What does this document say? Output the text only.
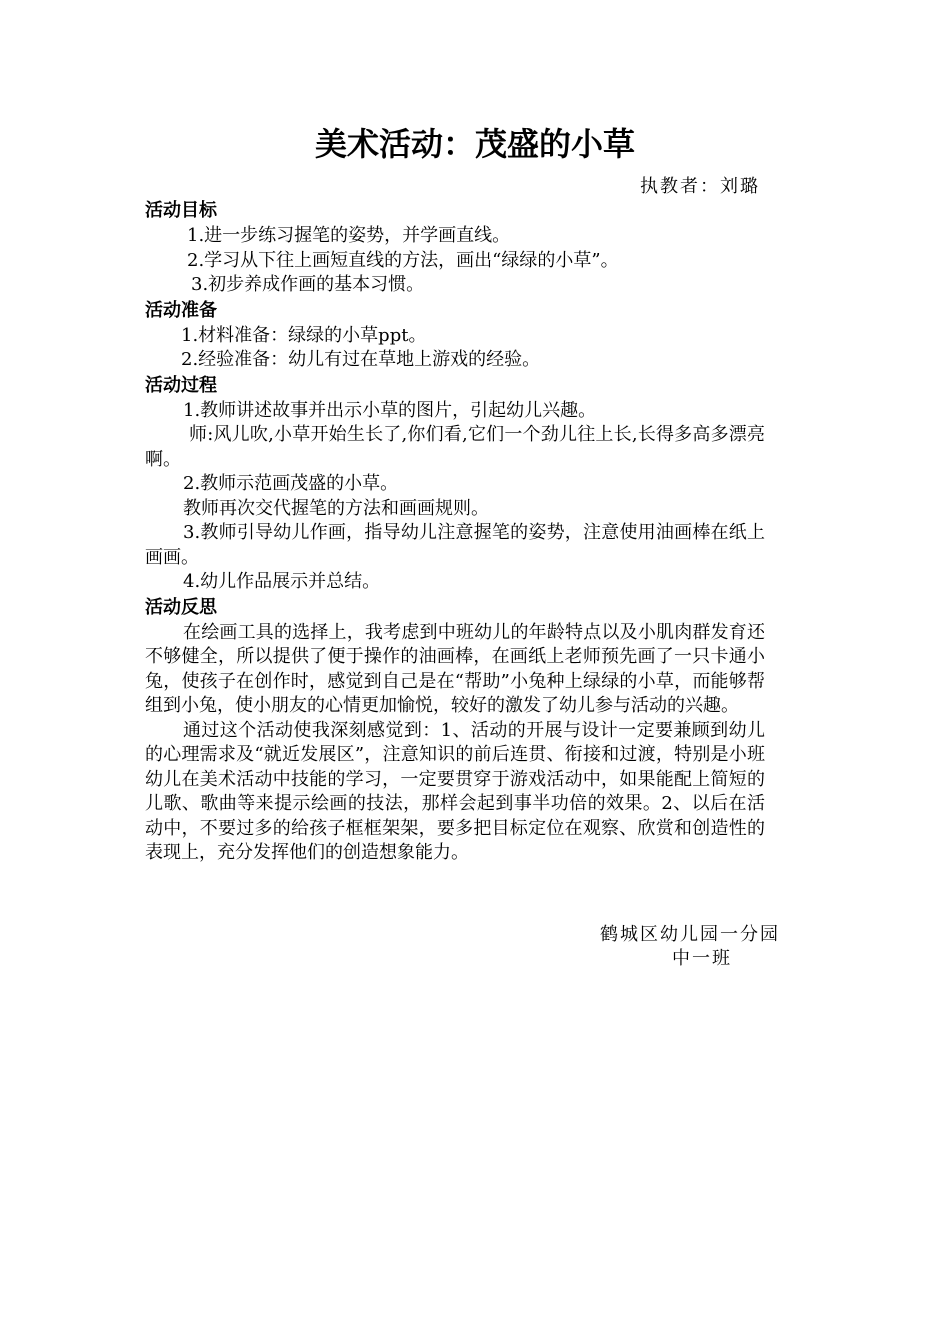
美术活动：茂盛的小草
执教者：刘璐
活动目标

1.进一步练习握笔的姿势，并学画直线。

2.学习从下往上画短直线的方法，画出“绿绿的小草”。

3.初步养成作画的基本习惯。

活动准备

1.材料准备：绿绿的小草ppt。

2.经验准备：幼儿有过在草地上游戏的经验。

活动过程

1.教师讲述故事并出示小草的图片，引起幼儿兴趣。

师:风儿吹,小草开始生长了,你们看,它们一个劲儿往上长,长得多高多漂亮啊。

2.教师示范画茂盛的小草。

教师再次交代握笔的方法和画画规则。

3.教师引导幼儿作画，指导幼儿注意握笔的姿势，注意使用油画棒在纸上画画。

4.幼儿作品展示并总结。

活动反思

在绘画工具的选择上，我考虑到中班幼儿的年龄特点以及小肌肉群发育还不够健全，所以提供了便于操作的油画棒，在画纸上老师预先画了一只卡通小兔，使孩子在创作时，感觉到自己是在“帮助”小兔种上绿绿的小草，而能够帮组到小兔，使小朋友的心情更加愉悦，较好的激发了幼儿参与活动的兴趣。

通过这个活动使我深刻感觉到：1、活动的开展与设计一定要兼顾到幼儿的心理需求及“就近发展区”，注意知识的前后连贯、衔接和过渡，特别是小班幼儿在美术活动中技能的学习，一定要贯穿于游戏活动中，如果能配上简短的儿歌、歌曲等来提示绘画的技法，那样会起到事半功倍的效果。2、以后在活动中，不要过多的给孩子框框架架，要多把目标定位在观察、欣赏和创造性的表现上，充分发挥他们的创造想象能力。

鹤城区幼儿园一分园
中一班
